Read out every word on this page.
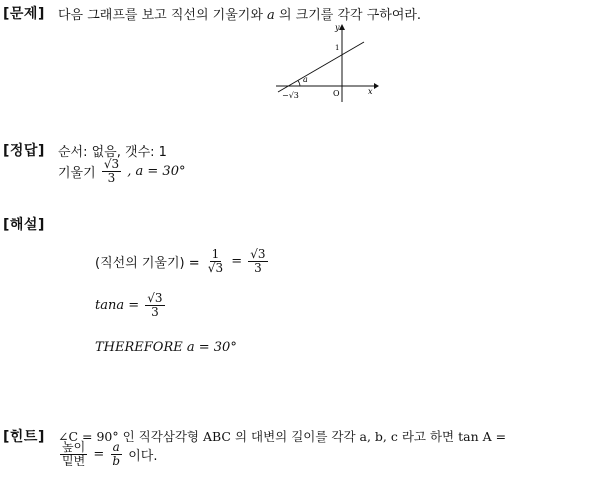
[문제] 다음 그래프를 보고 직선의 기울기와 a 의 크기를 각각 구하여라.
a
1
−√3	O	x
y
[정답] 순서: 없음, 갯수: 1
기울기 $\frac{√3}{3}$ , a = 30°
[해설]
(직선의 기울기) = $\frac{1}{√3} = \frac{√3}{3}$
$\tan a = \frac{√3}{3}$
THEREFORE a = 30°
[힌트] ∠C = 90° 인 직각삼각형 ABC 의 대변의 길이를 각각 a, b, c 라고 하면 tan A =
$\frac{\text{높이}}{\text{밑변}} = \frac{a}{b}$ 이다.
